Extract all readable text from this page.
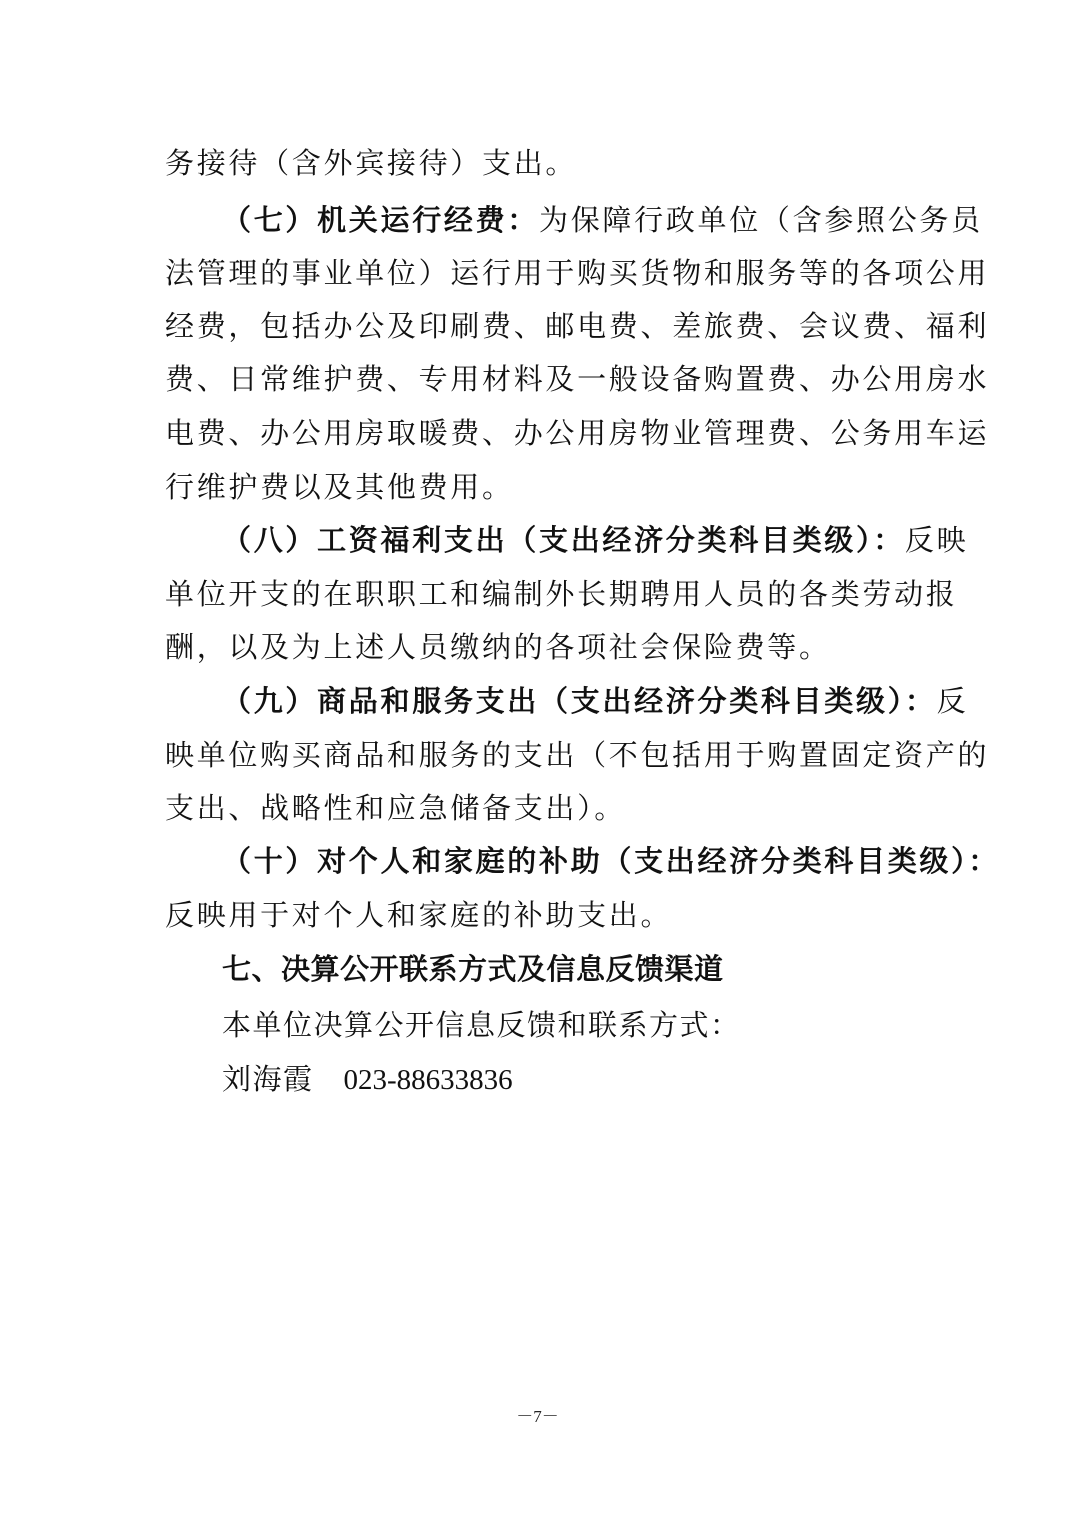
务接待（含外宾接待）支出。
（七）机关运行经费：为保障行政单位（含参照公务员
法管理的事业单位）运行用于购买货物和服务等的各项公用
经费，包括办公及印刷费、邮电费、差旅费、会议费、福利
费、日常维护费、专用材料及一般设备购置费、办公用房水
电费、办公用房取暖费、办公用房物业管理费、公务用车运
行维护费以及其他费用。
（八）工资福利支出（支出经济分类科目类级）：反映
单位开支的在职职工和编制外长期聘用人员的各类劳动报
酬，以及为上述人员缴纳的各项社会保险费等。
（九）商品和服务支出（支出经济分类科目类级）：反
映单位购买商品和服务的支出（不包括用于购置固定资产的
支出、战略性和应急储备支出）。
（十）对个人和家庭的补助（支出经济分类科目类级）：
反映用于对个人和家庭的补助支出。
七、决算公开联系方式及信息反馈渠道
本单位决算公开信息反馈和联系方式：
刘海霞 023-88633836
－7－
